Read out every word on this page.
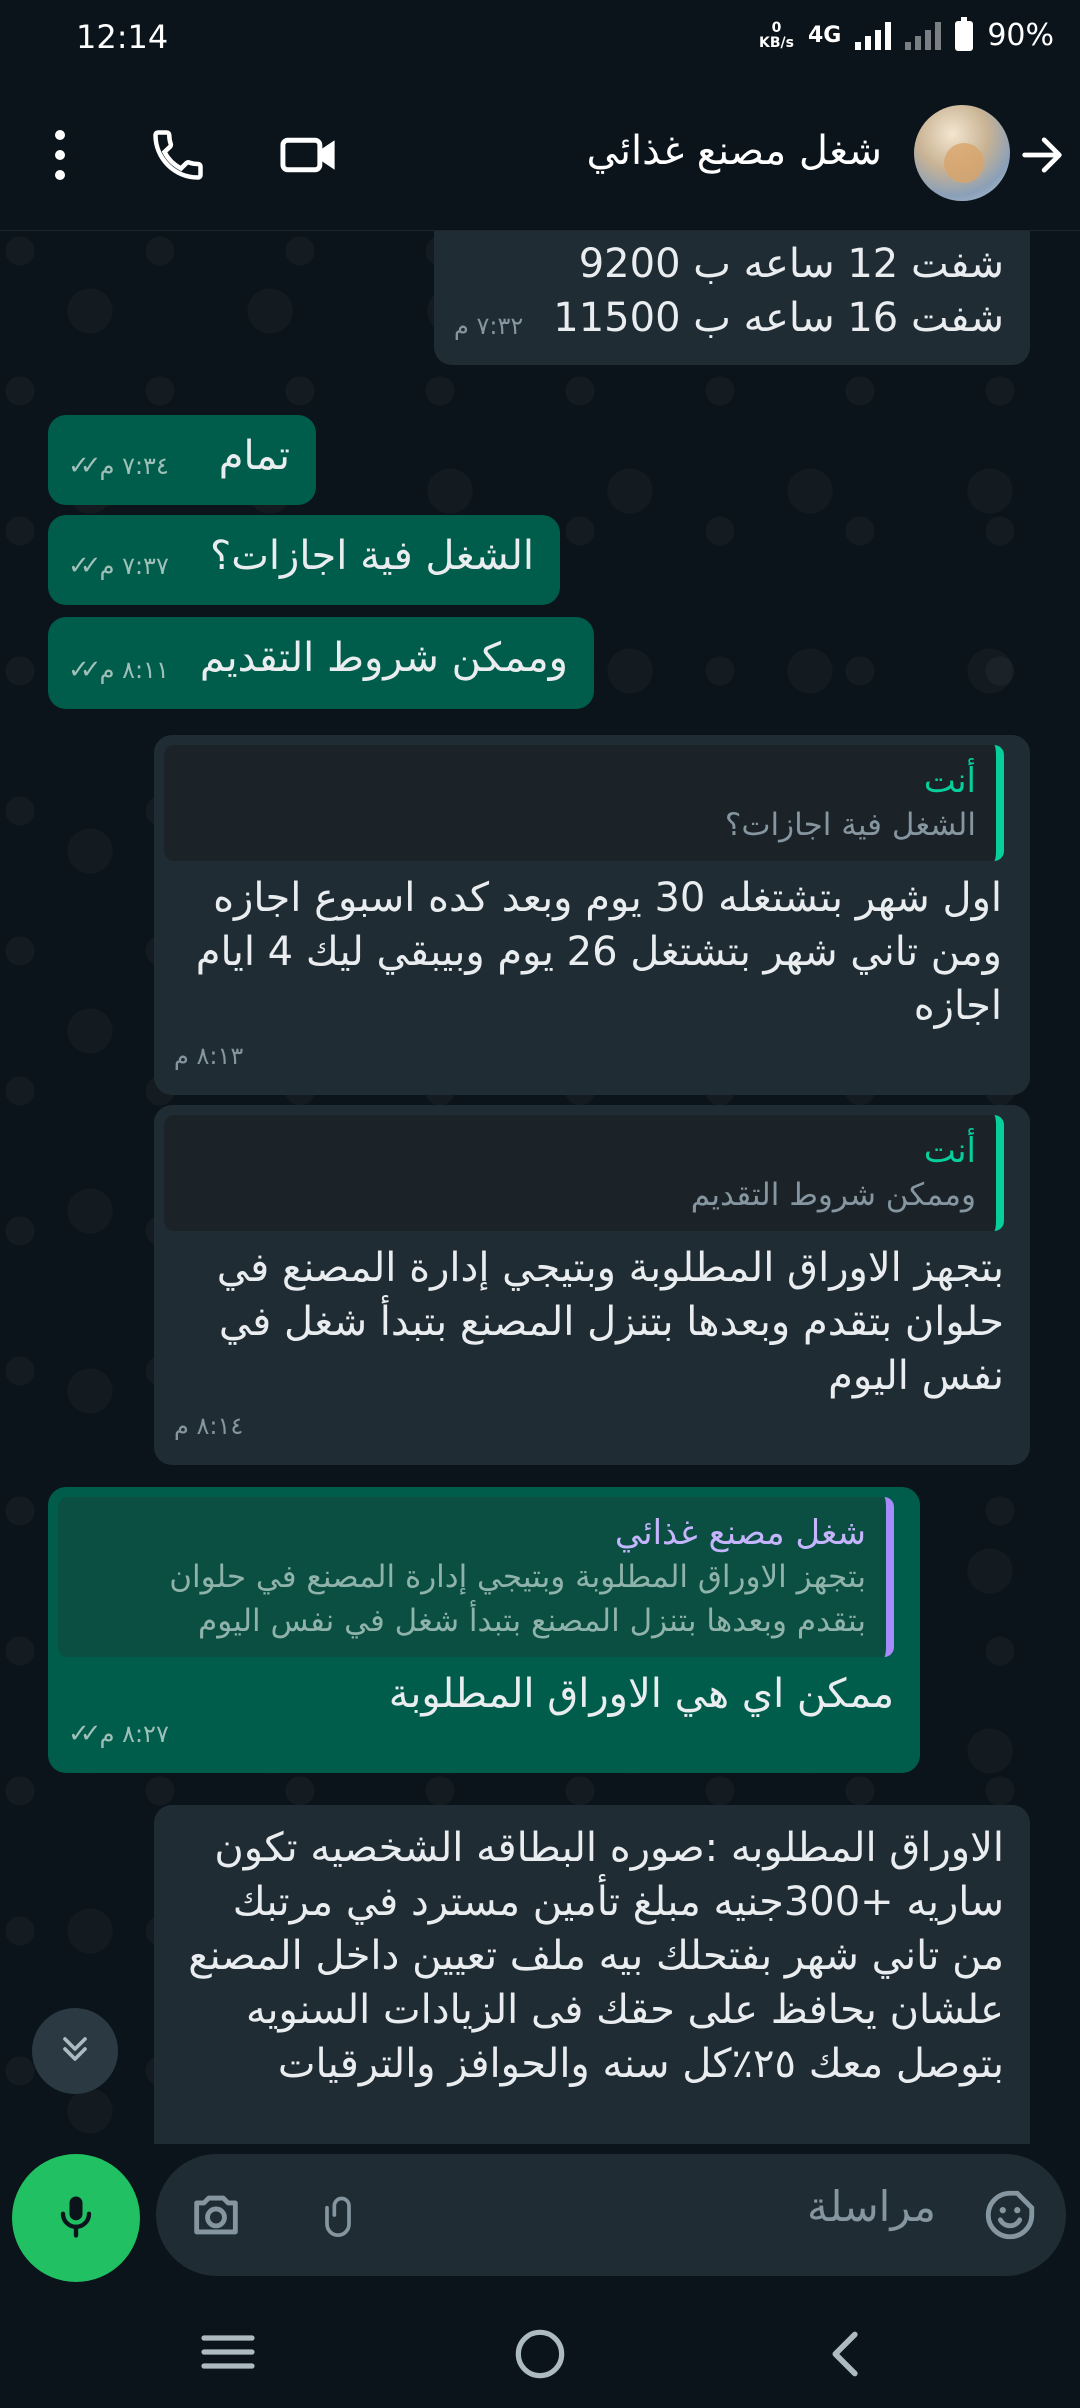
12:14	0
KB/s 4G	90%
شغل مصنع غذائي
شفت 12 ساعه ب 9200
شفت 16 ساعه ب 11500
٧:٣٢ م
تمام
✓✓ ٧:٣٤ م
الشغل فية اجازات؟
✓✓ ٧:٣٧ م
وممكن شروط التقديم
✓✓ ٨:١١ م
أنت
الشغل فية اجازات؟
اول شهر بتشتغله 30 يوم وبعد كده اسبوع اجازه
ومن تاني شهر بتشتغل 26 يوم وبيبقي ليك 4 ايام
اجازه
٨:١٣ م
أنت
وممكن شروط التقديم
بتجهز الاوراق المطلوبة وبتيجي إدارة المصنع في
حلوان بتقدم وبعدها بتنزل المصنع بتبدأ شغل في
نفس اليوم
٨:١٤ م
شغل مصنع غذائي
بتجهز الاوراق المطلوبة وبتيجي إدارة المصنع في حلوان
بتقدم وبعدها بتنزل المصنع بتبدأ شغل في نفس اليوم
ممكن اي هي الاوراق المطلوبة
✓✓ ٨:٢٧ م
الاوراق المطلوبه :صوره البطاقه الشخصيه تكون
ساريه +300جنيه مبلغ تأمين مسترد في مرتبك
من تاني شهر بفتحلك بيه ملف تعيين داخل المصنع
علشان يحافظ على حقك فى الزيادات السنويه
بتوصل معك ٢٥٪كل سنه والحوافز والترقيات
مراسلة
